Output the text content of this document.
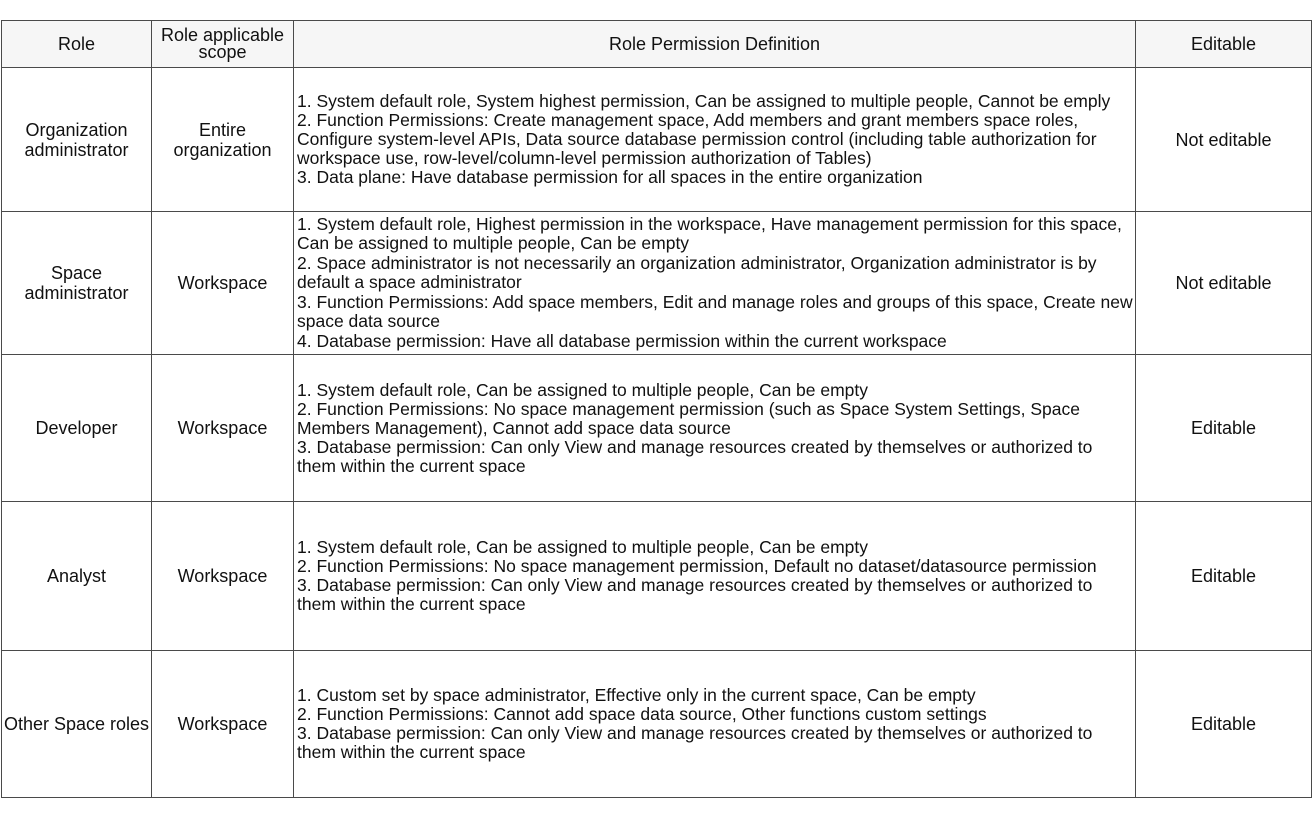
Role	Role applicable scope	Role Permission Definition	Editable
Organization administrator	Entire organization	1. System default role, System highest permission, Can be assigned to multiple people, Cannot be emply
2. Function Permissions: Create management space, Add members and grant members space roles, Configure system-level APIs, Data source database permission control (including table authorization for workspace use, row-level/column-level permission authorization of Tables)
3. Data plane: Have database permission for all spaces in the entire organization	Not editable
Space administrator	Workspace	1. System default role, Highest permission in the workspace, Have management permission for this space, Can be assigned to multiple people, Can be empty
2. Space administrator is not necessarily an organization administrator, Organization administrator is by default a space administrator
3. Function Permissions: Add space members, Edit and manage roles and groups of this space, Create new space data source
4. Database permission: Have all database permission within the current workspace	Not editable
Developer	Workspace	1. System default role, Can be assigned to multiple people, Can be empty
2. Function Permissions: No space management permission (such as Space System Settings, Space Members Management), Cannot add space data source
3. Database permission: Can only View and manage resources created by themselves or authorized to them within the current space	Editable
Analyst	Workspace	1. System default role, Can be assigned to multiple people, Can be empty
2. Function Permissions: No space management permission, Default no dataset/datasource permission
3. Database permission: Can only View and manage resources created by themselves or authorized to them within the current space	Editable
Other Space roles	Workspace	1. Custom set by space administrator, Effective only in the current space, Can be empty
2. Function Permissions: Cannot add space data source, Other functions custom settings
3. Database permission: Can only View and manage resources created by themselves or authorized to them within the current space	Editable
